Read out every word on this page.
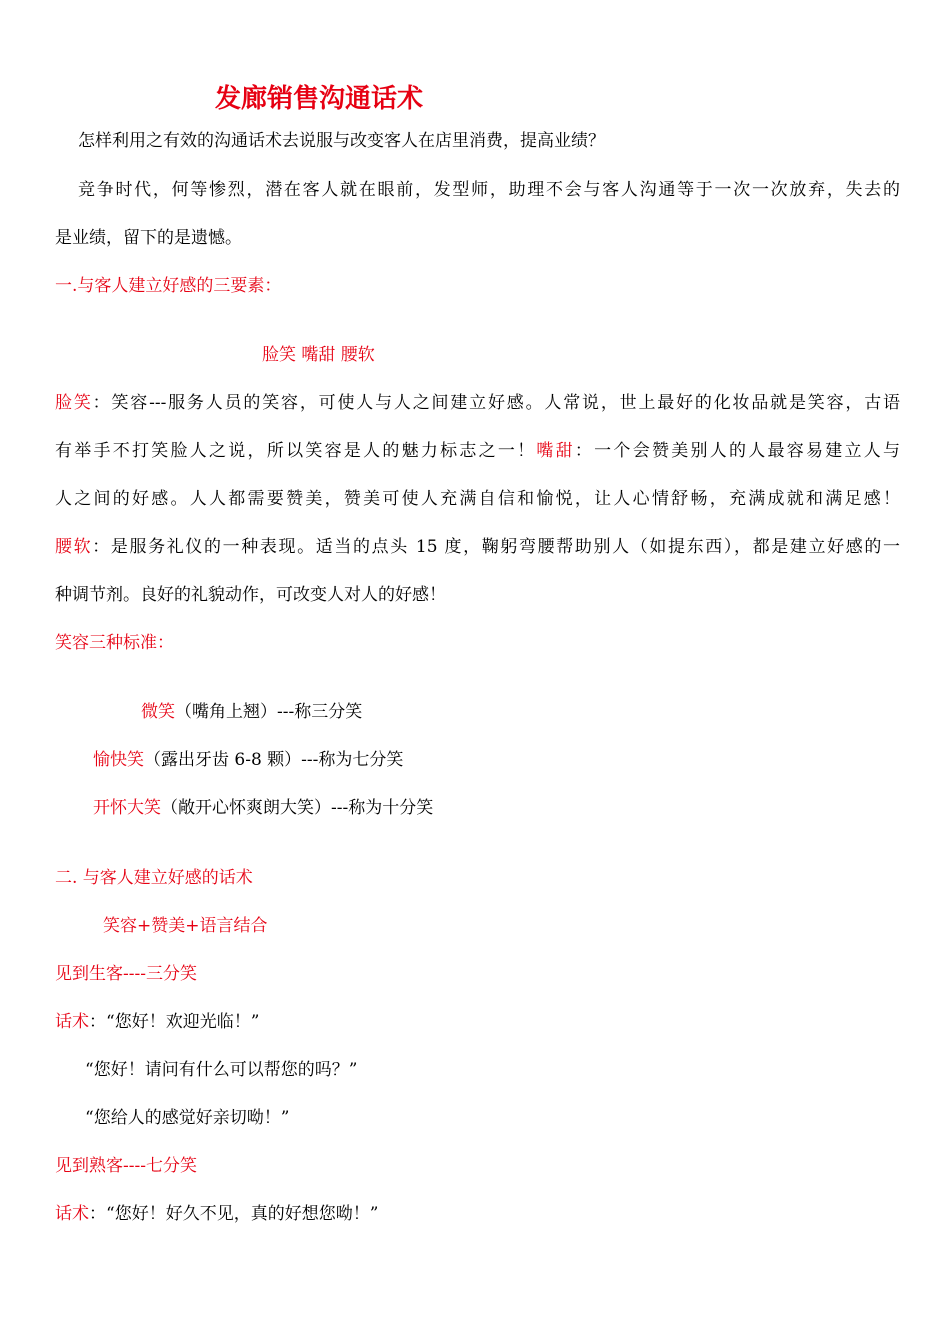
发廊销售沟通话术
怎样利用之有效的沟通话术去说服与改变客人在店里消费，提高业绩？
竞争时代，何等惨烈，潜在客人就在眼前，发型师，助理不会与客人沟通等于一次一次放弃，失去的
是业绩，留下的是遗憾。
一.与客人建立好感的三要素：
脸笑 嘴甜 腰软
脸笑：笑容---服务人员的笑容，可使人与人之间建立好感。人常说，世上最好的化妆品就是笑容，古语
有举手不打笑脸人之说，所以笑容是人的魅力标志之一！嘴甜：一个会赞美别人的人最容易建立人与
人之间的好感。人人都需要赞美，赞美可使人充满自信和愉悦，让人心情舒畅，充满成就和满足感！
腰软：是服务礼仪的一种表现。适当的点头 15 度，鞠躬弯腰帮助别人（如提东西），都是建立好感的一
种调节剂。良好的礼貌动作，可改变人对人的好感！
笑容三种标准：
微笑（嘴角上翘）---称三分笑
愉快笑（露出牙齿 6-8 颗）---称为七分笑
开怀大笑（敞开心怀爽朗大笑）---称为十分笑
二. 与客人建立好感的话术
笑容+赞美+语言结合
见到生客----三分笑
话术：“您好！欢迎光临！”
“您好！请问有什么可以帮您的吗？”
“您给人的感觉好亲切呦！”
见到熟客----七分笑
话术：“您好！好久不见，真的好想您呦！”
